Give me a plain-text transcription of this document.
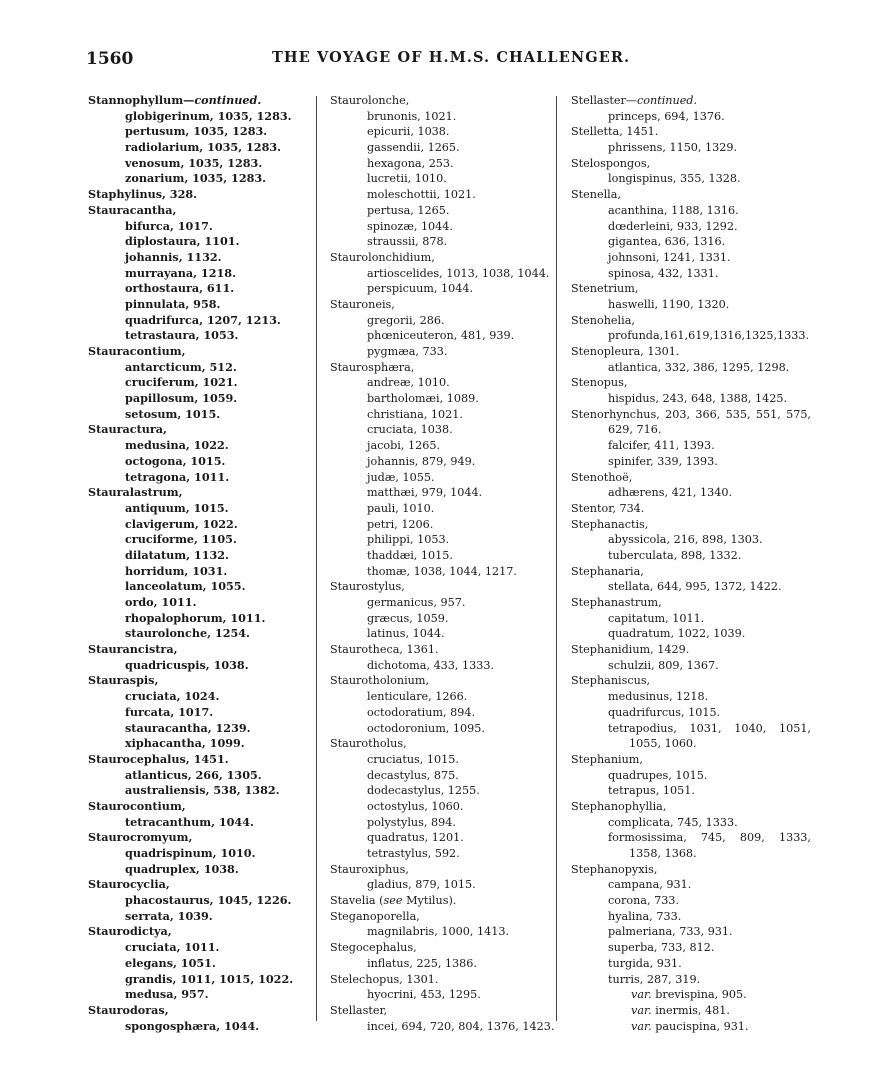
1560	THE VOYAGE OF H.M.S. CHALLENGER.

Stannophyllum—continued.
globigerinum, 1035, 1283.
pertusum, 1035, 1283.
radiolarium, 1035, 1283.
venosum, 1035, 1283.
zonarium, 1035, 1283.
Staphylinus, 328.
Stauracantha,
bifurca, 1017.
diplostaura, 1101.
johannis, 1132.
murrayana, 1218.
orthostaura, 611.
pinnulata, 958.
quadrifurca, 1207, 1213.
tetrastaura, 1053.
Stauracontium,
antarcticum, 512.
cruciferum, 1021.
papillosum, 1059.
setosum, 1015.
Stauractura,
medusina, 1022.
octogona, 1015.
tetragona, 1011.
Stauralastrum,
antiquum, 1015.
clavigerum, 1022.
cruciforme, 1105.
dilatatum, 1132.
horridum, 1031.
lanceolatum, 1055.
ordo, 1011.
rhopalophorum, 1011.
staurolonche, 1254.
Staurancistra,
quadricuspis, 1038.
Stauraspis,
cruciata, 1024.
furcata, 1017.
stauracantha, 1239.
xiphacantha, 1099.
Staurocephalus, 1451.
atlanticus, 266, 1305.
australiensis, 538, 1382.
Staurocontium,
tetracanthum, 1044.
Staurocromyum,
quadrispinum, 1010.
quadruplex, 1038.
Staurocyclia,
phacostaurus, 1045, 1226.
serrata, 1039.
Staurodictya,
cruciata, 1011.
elegans, 1051.
grandis, 1011, 1015, 1022.
medusa, 957.
Staurodoras,
spongosphæra, 1044.
Staurolonche,
brunonis, 1021.
epicurii, 1038.
gassendii, 1265.
hexagona, 253.
lucretii, 1010.
moleschottii, 1021.
pertusa, 1265.
spinozæ, 1044.
straussii, 878.
Staurolonchidium,
artioscelides, 1013, 1038, 1044.
perspicuum, 1044.
Stauroneis,
gregorii, 286.
phœniceuteron, 481, 939.
pygmæa, 733.
Staurosphæra,
andreæ, 1010.
bartholomæi, 1089.
christiana, 1021.
cruciata, 1038.
jacobi, 1265.
johannis, 879, 949.
judæ, 1055.
matthæi, 979, 1044.
pauli, 1010.
petri, 1206.
philippi, 1053.
thaddæi, 1015.
thomæ, 1038, 1044, 1217.
Staurostylus,
germanicus, 957.
græcus, 1059.
latinus, 1044.
Staurotheca, 1361.
dichotoma, 433, 1333.
Staurotholonium,
lenticulare, 1266.
octodoratium, 894.
octodoronium, 1095.
Staurotholus,
cruciatus, 1015.
decastylus, 875.
dodecastylus, 1255.
octostylus, 1060.
polystylus, 894.
quadratus, 1201.
tetrastylus, 592.
Stauroxiphus,
gladius, 879, 1015.
Stavelia (see Mytilus).
Steganoporella,
magnilabris, 1000, 1413.
Stegocephalus,
inflatus, 225, 1386.
Stelechopus, 1301.
hyocrini, 453, 1295.
Stellaster,
incei, 694, 720, 804, 1376, 1423.
Stellaster—continued.
princeps, 694, 1376.
Stelletta, 1451.
phrissens, 1150, 1329.
Stelospongos,
longispinus, 355, 1328.
Stenella,
acanthina, 1188, 1316.
dœderleini, 933, 1292.
gigantea, 636, 1316.
johnsoni, 1241, 1331.
spinosa, 432, 1331.
Stenetrium,
haswelli, 1190, 1320.
Stenohelia,
profunda,161,619,1316,1325,1333.
Stenopleura, 1301.
atlantica, 332, 386, 1295, 1298.
Stenopus,
hispidus, 243, 648, 1388, 1425.
Stenorhynchus, 203, 366, 535, 551, 575,
629, 716.
falcifer, 411, 1393.
spinifer, 339, 1393.
Stenothoë,
adhærens, 421, 1340.
Stentor, 734.
Stephanactis,
abyssicola, 216, 898, 1303.
tuberculata, 898, 1332.
Stephanaria,
stellata, 644, 995, 1372, 1422.
Stephanastrum,
capitatum, 1011.
quadratum, 1022, 1039.
Stephanidium, 1429.
schulzii, 809, 1367.
Stephaniscus,
medusinus, 1218.
quadrifurcus, 1015.
tetrapodius, 1031, 1040, 1051,
1055, 1060.
Stephanium,
quadrupes, 1015.
tetrapus, 1051.
Stephanophyllia,
complicata, 745, 1333.
formosissima, 745, 809, 1333,
1358, 1368.
Stephanopyxis,
campana, 931.
corona, 733.
hyalina, 733.
palmeriana, 733, 931.
superba, 733, 812.
turgida, 931.
turris, 287, 319.
var. brevispina, 905.
var. inermis, 481.
var. paucispina, 931.
